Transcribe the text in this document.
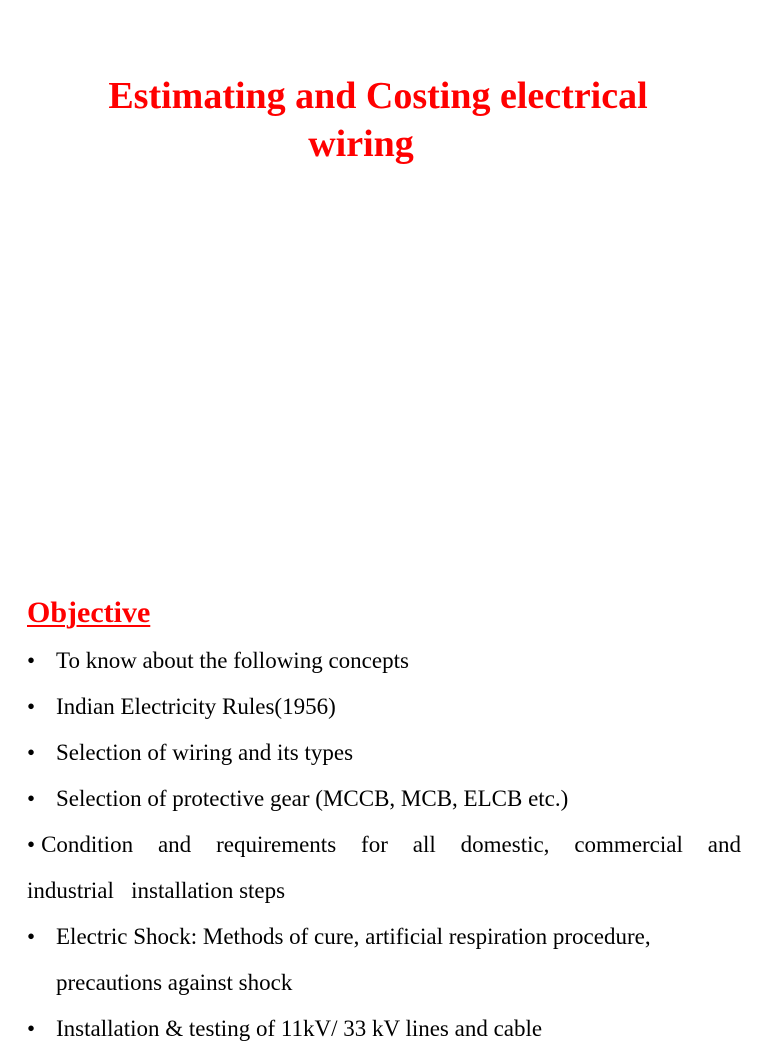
Estimating and Costing electrical
wiring
Objective
• To know about the following concepts
• Indian Electricity Rules(1956)
• Selection of wiring and its types
• Selection of protective gear (MCCB, MCB, ELCB etc.)
• Condition and requirements for all domestic, commercial and
industrial   installation steps
• Electric Shock: Methods of cure, artificial respiration procedure,
precautions against shock
• Installation & testing of 11kV/ 33 kV lines and cable
